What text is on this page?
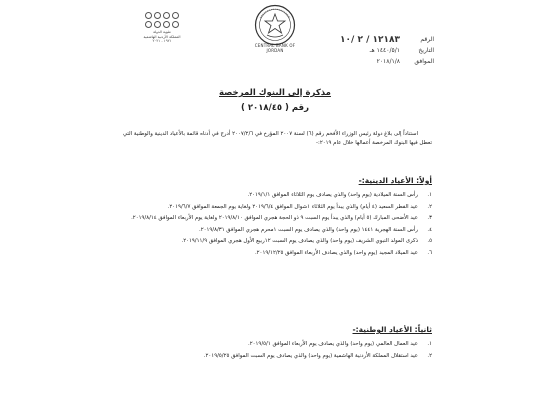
مئوية الدولة
المملكة الأردنية الهاشمية
١٩٢١ - ٢٠٢١
CENTRAL BANK OF JORDAN
الرقم
١٢١٨٣ / ٢ /١٠
التاريخ
١٤٤٠/٥/١ هـ
الموافق
٢٠١٨/١/٨
مذكرة إلى البنوك المرخصة
رقم ( ٢٠١٨/٤٥ )
استناداً إلى بلاغ دولة رئيس الوزراء الأفخم رقم (٦) لسنة ٢٠٠٧ المؤرخ في ٢٠٠٧/٢/٦ أدرج في أدناه قائمة بالأعياد الدينية والوطنية التي تعطل فيها البنوك المرخصة أعمالها خلال عام ٢٠١٩:-
أولاً: الأعياد الدينية:-
١.
رأس السنة الميلادية (يوم واحد) والذي يصادف يوم الثلاثاء الموافق ٢٠١٩/١/١.
٢.
عيد الفطر السعيد (٤ أيام) والذي يبدأ يوم الثلاثاء ١شوال الموافق ٢٠١٩/٦/٤ ولغاية يوم الجمعة الموافق ٢٠١٩/٦/٧.
٣.
عيد الأضحى المبارك (٥ أيام) والذي يبدأ يوم السبت ٩ ذو الحجة هجري الموافق ٢٠١٩/٨/١٠ ولغاية يوم الأربعاء الموافق ٢٠١٩/٨/١٤.
٤.
رأس السنة الهجرية ١٤٤١ (يوم واحد) والذي يصادف يوم السبت ١محرم هجري الموافق ٢٠١٩/٨/٣١.
٥.
ذكرى المولد النبوي الشريف (يوم واحد) والذي يصادف يوم السبت ١٢ربيع الأول هجري الموافق ٢٠١٩/١١/٩.
٦.
عيد الميلاد المجيد (يوم واحد) والذي يصادف الأربعاء الموافق ٢٠١٩/١٢/٢٥.
ثانياً: الأعياد الوطنية:-
١.
عيد العمال العالمي (يوم واحد) والذي يصادف يوم الأربعاء الموافق ٢٠١٩/٥/١.
٢.
عيد استقلال المملكة الأردنية الهاشمية (يوم واحد) والذي يصادف يوم السبت الموافق ٢٠١٩/٥/٢٥.
